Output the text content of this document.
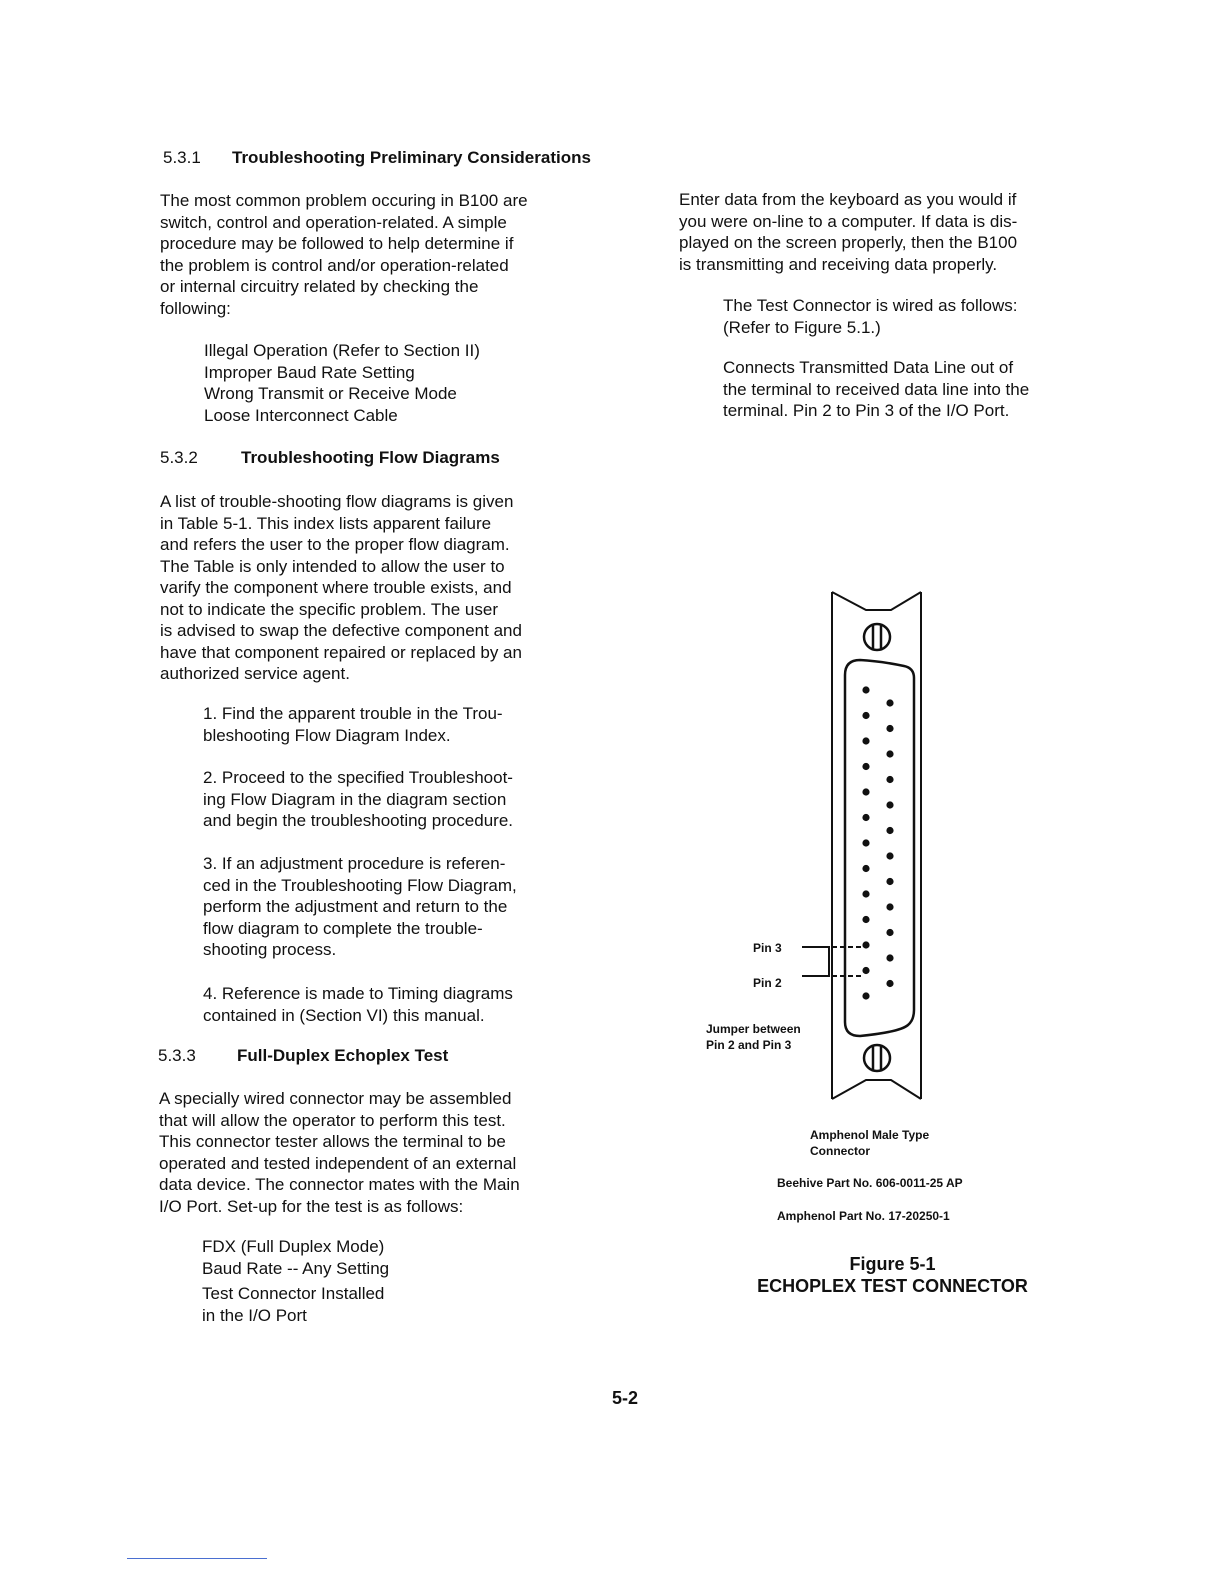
5.3.1 Troubleshooting Preliminary Considerations
The most common problem occuring in B100 are
switch, control and operation-related. A simple
procedure may be followed to help determine if
the problem is control and/or operation-related
or internal circuitry related by checking the
following:
Illegal Operation (Refer to Section II)
Improper Baud Rate Setting
Wrong Transmit or Receive Mode
Loose Interconnect Cable
5.3.2	Troubleshooting Flow Diagrams
A list of trouble-shooting flow diagrams is given
in Table 5-1. This index lists apparent failure
and refers the user to the proper flow diagram.
The Table is only intended to allow the user to
varify the component where trouble exists, and
not to indicate the specific problem. The user
is advised to swap the defective component and
have that component repaired or replaced by an
authorized service agent.
1. Find the apparent trouble in the Trou-
bleshooting Flow Diagram Index.
2. Proceed to the specified Troubleshoot-
ing Flow Diagram in the diagram section
and begin the troubleshooting procedure.
3. If an adjustment procedure is referen-
ced in the Troubleshooting Flow Diagram,
perform the adjustment and return to the
flow diagram to complete the trouble-
shooting process.
4. Reference is made to Timing diagrams
contained in (Section VI) this manual.
5.3.3 Full-Duplex Echoplex Test
A specially wired connector may be assembled
that will allow the operator to perform this test.
This connector tester allows the terminal to be
operated and tested independent of an external
data device. The connector mates with the Main
I/O Port. Set-up for the test is as follows:
FDX (Full Duplex Mode)
Baud Rate -- Any Setting
Test Connector Installed
in the I/O Port
Enter data from the keyboard as you would if
you were on-line to a computer. If data is dis-
played on the screen properly, then the B100
is transmitting and receiving data properly.
The Test Connector is wired as follows:
(Refer to Figure 5.1.)
Connects Transmitted Data Line out of
the terminal to received data line into the
terminal. Pin 2 to Pin 3 of the I/O Port.
Pin 3
Pin 2
Jumper between
Pin 2 and Pin 3
Amphenol Male Type
Connector
Beehive Part No. 606-0011-25 AP
Amphenol Part No. 17-20250-1
Figure 5-1
ECHOPLEX TEST CONNECTOR
5-2
